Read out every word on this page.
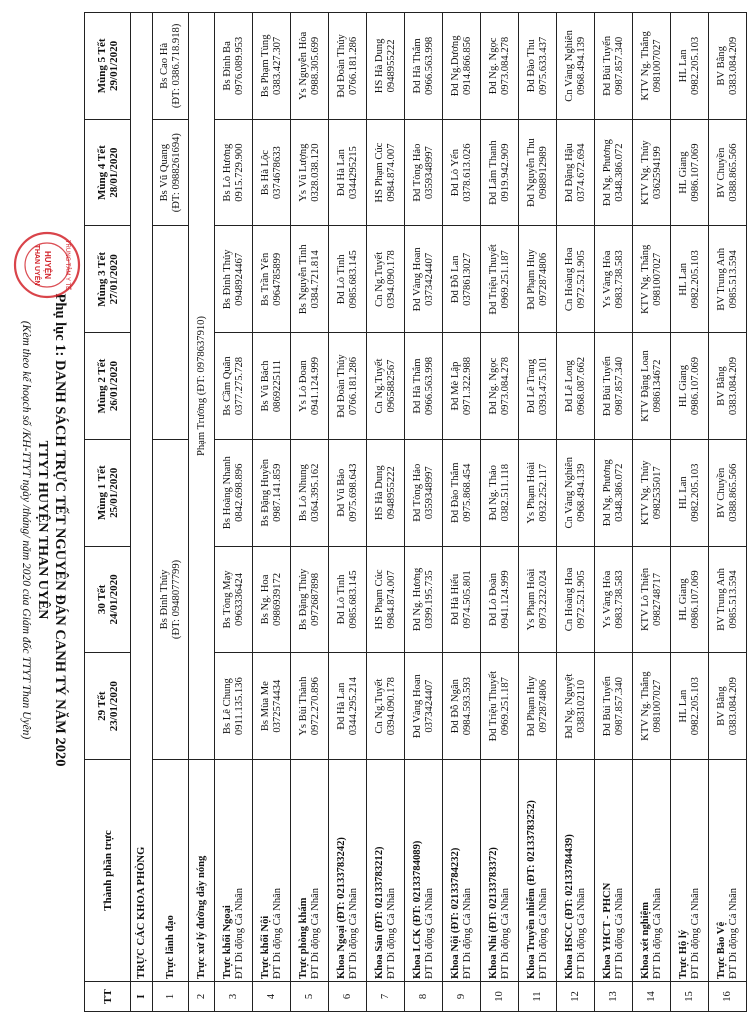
TT	Thành phần trực	29 Tết 23/01/2020	30 Tết 24/01/2020	Mùng 1 Tết 25/01/2020	Mùng 2 Tết 26/01/2020	Mùng 3 Tết 27/01/2020	Mùng 4 Tết 28/01/2020	Mùng 5 Tết 29/01/2020

I	TRỰC CÁC KHOA PHÒNG							
1	Trực lãnh đạo	Bs Đinh Thủy (ĐT: 0948077799)					Bs Vũ Quang (ĐT: 0988261694)	Bs Cao Hà (ĐT: 0386.718.918)

2	Trực xử lý đường dây nóng	Phạm Trường (ĐT: 0978637910)						
3	Trực khối Ngoại ĐT Di động Cá Nhân	Bs Lê Chung 0911.135.136	Bs Tòng Mạy 0963336424	Bs Hoàng Nhanh 0842.698.896	Bs Cầm Quân 0377.275.728	Bs Đinh Thủy 0948924467	Bs Lò Hương 0915.729.900	Bs Đinh Ba 0976.089.953

4	Trực khối Nội ĐT Di động Cá Nhân	Bs Mùa Me 0372574434	Bs Ng. Hoa 0986939172	Bs Đặng Huyền 0987.141.859	Bs Vũ Bách 0869225111	Bs Trần Yên 0964785899	Bs Hà Lộc 0374678633	Bs Phạm Tùng 0383.427.307

5	Trực phòng khám ĐT Di động Cá Nhân	Ys Bùi Thành 0972.270.896	Bs Đặng Thủy 0972687898	Bs Lò Nhung 0364.395.162	Ys Lò Đoan 0941.124.999	Bs Nguyễn Tình 0384.721.814	Ys Vũ Lượng 0328.038.120	Ys Nguyễn Hòa 0988.305.699

6	Khoa Ngoại (ĐT: 02133783242) ĐT Di động Cá Nhân	Đd Hà Lan 0344.295.214	Đd Lò Tình 0985.683.145	Đd Vũ Bảo 0975.698.643	Đd Đoàn Thủy 0766.181.286	Đd Lò Tình 0985.683.145	Đd Hà Lan 0344295215	Đd Đoàn Thủy 0766.181.286

7	Khoa Sản (ĐT: 02133783212) ĐT Di động Cá Nhân	Cn Ng.Tuyết 0394.090.178	HS Phạm Cúc 0984.874.007	HS Hà Dung 0948955222	Cn Ng.Tuyết 0965882567	Cn Ng.Tuyết 0394.090.178	HS Phạm Cúc 0984.874.007	HS Hà Dung 0948955222

8	Khoa LCK (ĐT: 02133784089) ĐT Di động Cá Nhân	Đd Vàng Hoan 0373424407	Đd Ng. Hương 0399.195.735	Đd Tòng Hảo 0359348997	Đd Hà Thắm 0966.563.998	Đd Vàng Hoan 0373424407	Đd Tòng Hảo 0359348997	Đd Hà Thắm 0966.563.998

9	Khoa Nội (ĐT: 02133784232) ĐT Di động Cá Nhân	Đd Đỗ Ngân 0984.593.593	Đd Hà Hiếu 0974.505.801	Đd Đào Thắm 0975.868.454	Đd Mè Lập 0971.322.988	Đd Đỗ Lan 0378613027	Đd Lò Yến 0378.613.026	Đd Ng.Dương 0914.866.856

10	Khoa Nhi (ĐT: 02133783372) ĐT Di động Cá Nhân	Đd Triệu Thuyết 0969.251.187	Đd Lò Đoàn 0941.124.999	Đd Ng. Thảo 0382.511.118	Đd Ng. Ngọc 0973.084.278	Đd Triệu Thuyết 0969.251.187	Đd Lâm Thanh 0919.942.909	Đd Ng. Ngọc 0973.084.278

11	Khoa Truyền nhiễm (ĐT: 02133783252) ĐT Di động Cá Nhân	Đd Phạm Huy 0972874806	Ys Phạm Hoài 0973.232.024	Ys Phạm Hoài 0932.252.117	Đd Lê Trang 0393.475.101	Đd Phạm Huy 0972874806	Đd Nguyễn Thu 0988912989	Đd Đào Thu 0975.633.437

12	Khoa HSCC (ĐT: 02133784439) ĐT Di động Cá Nhân	Đd Ng. Nguyệt 0383102110	Cn Hoàng Hoa 0972.521.905	Cn Vàng Nghiên 0968.494.139	Đd Lê Long 0968.087.662	Cn Hoàng Hoa 0972.521.905	Đd Đặng Hậu 0374.672.694	Cn Vàng Nghiên 0968.494.139

13	Khoa YHCT - PHCN ĐT Di động Cá Nhân	Đd Bùi Tuyến 0987.857.340	Ys Vàng Hòa 0983.738.583	Đd Ng. Phương 0348.386.072	Đd Bùi Tuyến 0987.857.340	Ys Vàng Hòa 0983.738.583	Đd Ng. Phương 0348.386.072	Đd Bùi Tuyến 0987.857.340

14	Khoa xét nghiệm ĐT Di động Cá Nhân	KTV Ng. Thắng 0981007027	KTV Lò Thiện 0982748717	KTV Ng. Thủy 0982535017	KTV Đặng Loan 0986134672	KTV Ng. Thắng 0981007027	KTV Ng. Thủy 0362594199	KTV Ng. Thắng 0981007027

15	Trực Hộ lý ĐT Di động Cá Nhân	HL Lan 0982.205.103	HL Giang 0986.107.069	HL Lan 0982.205.103	HL Giang 0986.107.069	HL Lan 0982.205.103	HL Giang 0986.107.069	HL Lan 0982.205.103

16	Trực Bảo Vệ ĐT Di động Cá Nhân	BV Bằng 0383.084.209	BV Trung Anh 0985.513.594	BV Chuyền 0388.865.566	BV Bằng 0383.084.209	BV Trung Anh 0985.513.594	BV Chuyền 0388.865.566	BV Bằng 0383.084.209
Phụ lục 1: DANH SÁCH TRỰC TẾT NGUYÊN ĐÁN CANH TÝ NĂM 2020
TTYT HUYỆN THAN UYÊN
(Kèm theo kế hoạch số /KH-TTYT ngày /tháng/ năm 2020 của Giám đốc TTYT Than Uyên)
TRUNG TÂM Y TẾ
HUYỆN
THAN UYÊN
